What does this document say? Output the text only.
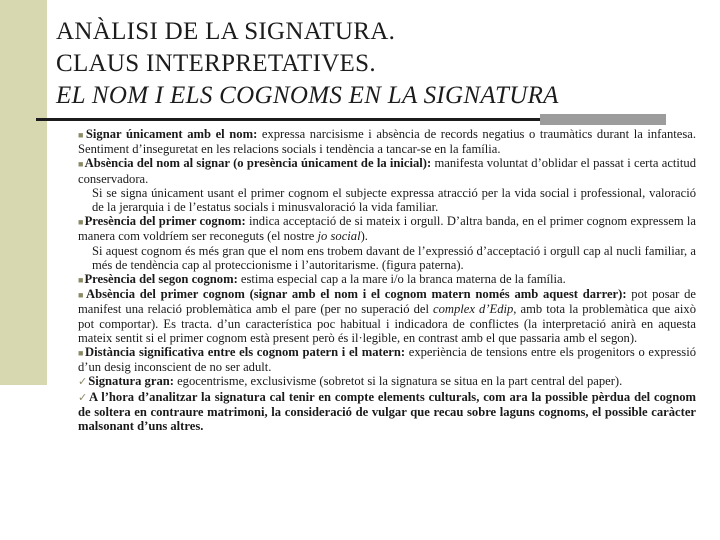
ANÀLISI DE LA SIGNATURA.
CLAUS INTERPRETATIVES.
EL NOM I ELS COGNOMS EN LA SIGNATURA

■Signar únicament amb el nom: expressa narcisisme i absència de records negatius o traumàtics durant la infantesa. Sentiment d’inseguretat en les relacions socials i tendència a tancar-se en la família.

■Absència del nom al signar (o presència únicament de la inicial): manifesta voluntat d’oblidar el passat i certa actitud conservadora.

Si se signa únicament usant el primer cognom el subjecte expressa atracció per la vida social i professional, valoració de la jerarquia i de l’estatus socials i minusvaloració la vida familiar.

■Presència del primer cognom: indica acceptació de si mateix i orgull. D’altra banda, en el primer cognom expressem la manera com voldríem ser reconeguts (el nostre jo social).

Si aquest cognom és més gran que el nom ens trobem davant de l’expressió d’acceptació i orgull cap al nucli familiar, a més de tendència cap al proteccionisme i l’autoritarisme. (figura paterna).

■Presència del segon cognom: estima especial cap a la mare i/o la branca materna de la família.

■Absència del primer cognom (signar amb el nom i el cognom matern només amb aquest darrer): pot posar de manifest una relació problemàtica amb el pare (per no superació del complex d’Edip, amb tota la problemàtica que això pot comportar). Es tracta. d’un característica poc habitual i indicadora de conflictes (la interpretació anirà en aquesta mateix sentit si el primer cognom està present però és il·legible, en contrast amb el que passaria amb el segon).

■Distància significativa entre els cognom patern i el matern: experiència de tensions entre els progenitors o expressió d’un desig inconscient de no ser adult.

✓Signatura gran: egocentrisme, exclusivisme (sobretot si la signatura se situa en la part central del paper).

✓A l’hora d’analitzar la signatura cal tenir en compte elements culturals, com ara la possible pèrdua del cognom de soltera en contraure matrimoni, la consideració de vulgar que recau sobre laguns cognoms, el possible caràcter malsonant d’uns altres.
